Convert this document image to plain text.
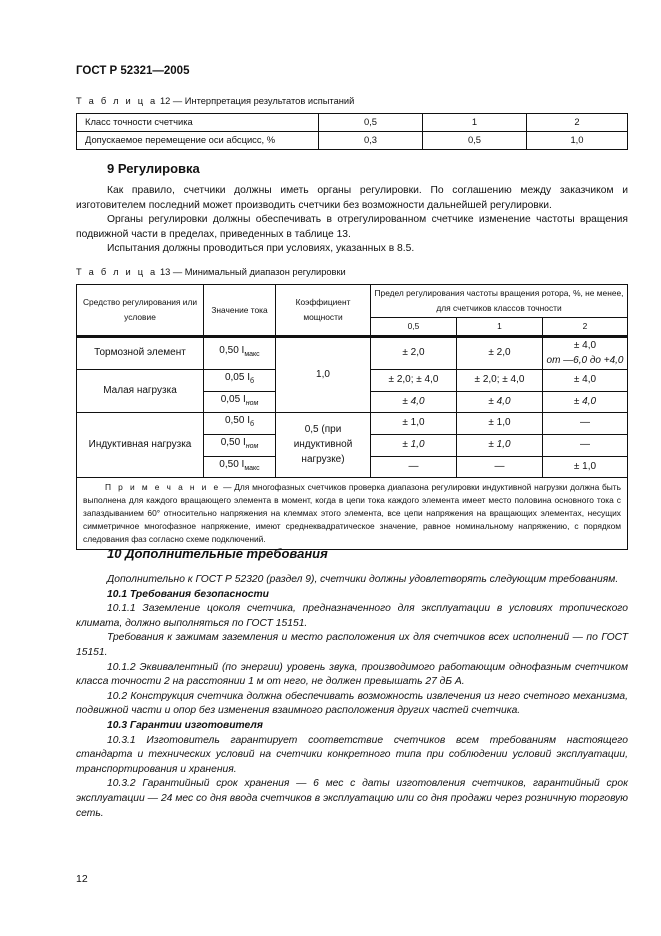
ГОСТ Р 52321—2005
Т а б л и ц а 12 — Интерпретация результатов испытаний
Класс точности счетчика	0,5	1	2
Допускаемое перемещение оси абсцисс, %	0,3	0,5	1,0
9 Регулировка

Как правило, счетчики должны иметь органы регулировки. По соглашению между заказчиком и изготовителем последний может производить счетчики без возможности дальнейшей регулировки.

Органы регулировки должны обеспечивать в отрегулированном счетчике изменение частоты вращения подвижной части в пределах, приведенных в таблице 13.

Испытания должны проводиться при условиях, указанных в 8.5.

Т а б л и ц а 13 — Минимальный диапазон регулировки
Средство регулирования или условие	Значение тока	Коэффициент мощности	Предел регулирования частоты вращения ротора, %, не менее, для счетчиков классов точности		
			0,5	1	2
Тормозной элемент	0,50 $I_{макс}$	1,0	± 2,0	± 2,0	± 4,0
от —6,0 до +4,0

Малая нагрузка	0,05 $I_б$		± 2,0; ± 4,0	± 2,0; ± 4,0	± 4,0
	0,05 $I_{ном}$		± 4,0	± 4,0	± 4,0
Индуктивная нагрузка	0,50 $I_б$	0,5 (при индуктивной нагрузке)	± 1,0	± 1,0	—
	0,50 $I_{ном}$		± 1,0	± 1,0	—
	0,50 $I_{макс}$		—	—	± 1,0
П р и м е ч а н и е — Для многофазных счетчиков проверка диапазона регулировки индуктивной нагрузки должна быть выполнена для каждого вращающего элемента в момент, когда в цепи тока каждого элемента имеет место половина основного тока с запаздыванием 60° относительно напряжения на клеммах этого элемента, все цепи напряжения на вращающих элементах, несущих симметричное многофазное напряжение, имеют среднеквадратическое значение, равное номинальному напряжению, с порядком следования фаз согласно схеме подключений.					
10 Дополнительные требования

Дополнительно к ГОСТ Р 52320 (раздел 9), счетчики должны удовлетворять следующим требованиям.

10.1 Требования безопасности

10.1.1 Заземление цоколя счетчика, предназначенного для эксплуатации в условиях тропического климата, должно выполняться по ГОСТ 15151.

Требования к зажимам заземления и место расположения их для счетчиков всех исполнений — по ГОСТ 15151.

10.1.2 Эквивалентный (по энергии) уровень звука, производимого работающим однофазным счетчиком класса точности 2 на расстоянии 1 м от него, не должен превышать 27 дБ А.

10.2 Конструкция счетчика должна обеспечивать возможность извлечения из него счетного механизма, подвижной части и опор без изменения взаимного расположения других частей счетчика.

10.3 Гарантии изготовителя

10.3.1 Изготовитель гарантирует соответствие счетчиков всем требованиям настоящего стандарта и технических условий на счетчики конкретного типа при соблюдении условий эксплуатации, транспортирования и хранения.

10.3.2 Гарантийный срок хранения — 6 мес с даты изготовления счетчиков, гарантийный срок эксплуатации — 24 мес со дня ввода счетчиков в эксплуатацию или со дня продажи через розничную торговую сеть.

12
